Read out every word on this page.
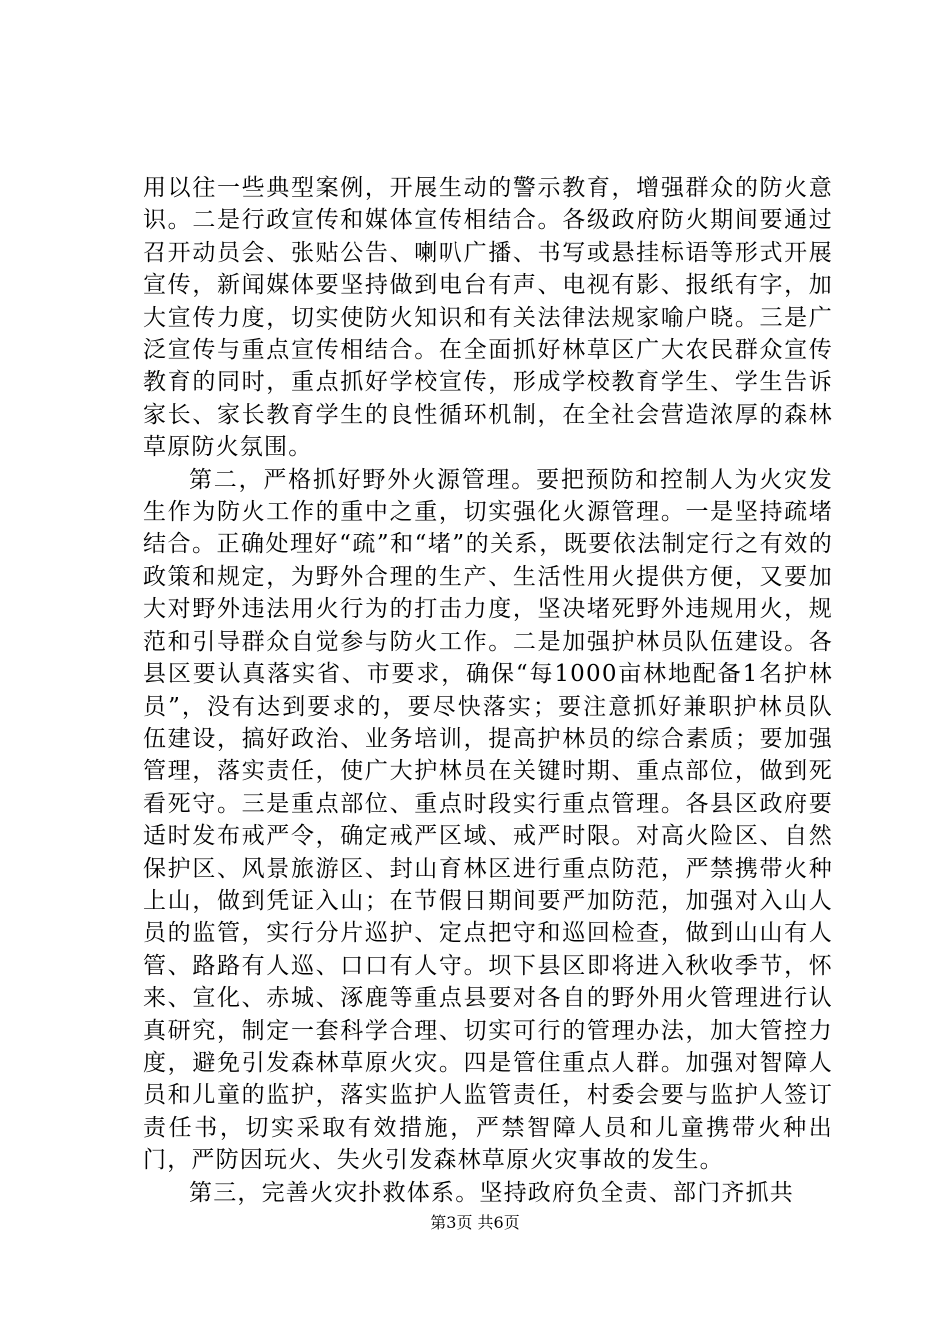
用以往一些典型案例，开展生动的警示教育，增强群众的防火意识。二是行政宣传和媒体宣传相结合。各级政府防火期间要通过召开动员会、张贴公告、喇叭广播、书写或悬挂标语等形式开展宣传，新闻媒体要坚持做到电台有声、电视有影、报纸有字，加大宣传力度，切实使防火知识和有关法律法规家喻户晓。三是广泛宣传与重点宣传相结合。在全面抓好林草区广大农民群众宣传教育的同时，重点抓好学校宣传，形成学校教育学生、学生告诉家长、家长教育学生的良性循环机制，在全社会营造浓厚的森林草原防火氛围。

第二，严格抓好野外火源管理。要把预防和控制人为火灾发生作为防火工作的重中之重，切实强化火源管理。一是坚持疏堵结合。正确处理好“疏”和“堵”的关系，既要依法制定行之有效的政策和规定，为野外合理的生产、生活性用火提供方便，又要加大对野外违法用火行为的打击力度，坚决堵死野外违规用火，规范和引导群众自觉参与防火工作。二是加强护林员队伍建设。各县区要认真落实省、市要求，确保“每1000亩林地配备1名护林员”，没有达到要求的，要尽快落实；要注意抓好兼职护林员队伍建设，搞好政治、业务培训，提高护林员的综合素质；要加强管理，落实责任，使广大护林员在关键时期、重点部位，做到死看死守。三是重点部位、重点时段实行重点管理。各县区政府要适时发布戒严令，确定戒严区域、戒严时限。对高火险区、自然保护区、风景旅游区、封山育林区进行重点防范，严禁携带火种上山，做到凭证入山；在节假日期间要严加防范，加强对入山人员的监管，实行分片巡护、定点把守和巡回检查，做到山山有人管、路路有人巡、口口有人守。坝下县区即将进入秋收季节，怀来、宣化、赤城、涿鹿等重点县要对各自的野外用火管理进行认真研究，制定一套科学合理、切实可行的管理办法，加大管控力度，避免引发森林草原火灾。四是管住重点人群。加强对智障人员和儿童的监护，落实监护人监管责任，村委会要与监护人签订责任书，切实采取有效措施，严禁智障人员和儿童携带火种出门，严防因玩火、失火引发森林草原火灾事故的发生。

第三，完善火灾扑救体系。坚持政府负全责、部门齐抓共

第3页 共6页
